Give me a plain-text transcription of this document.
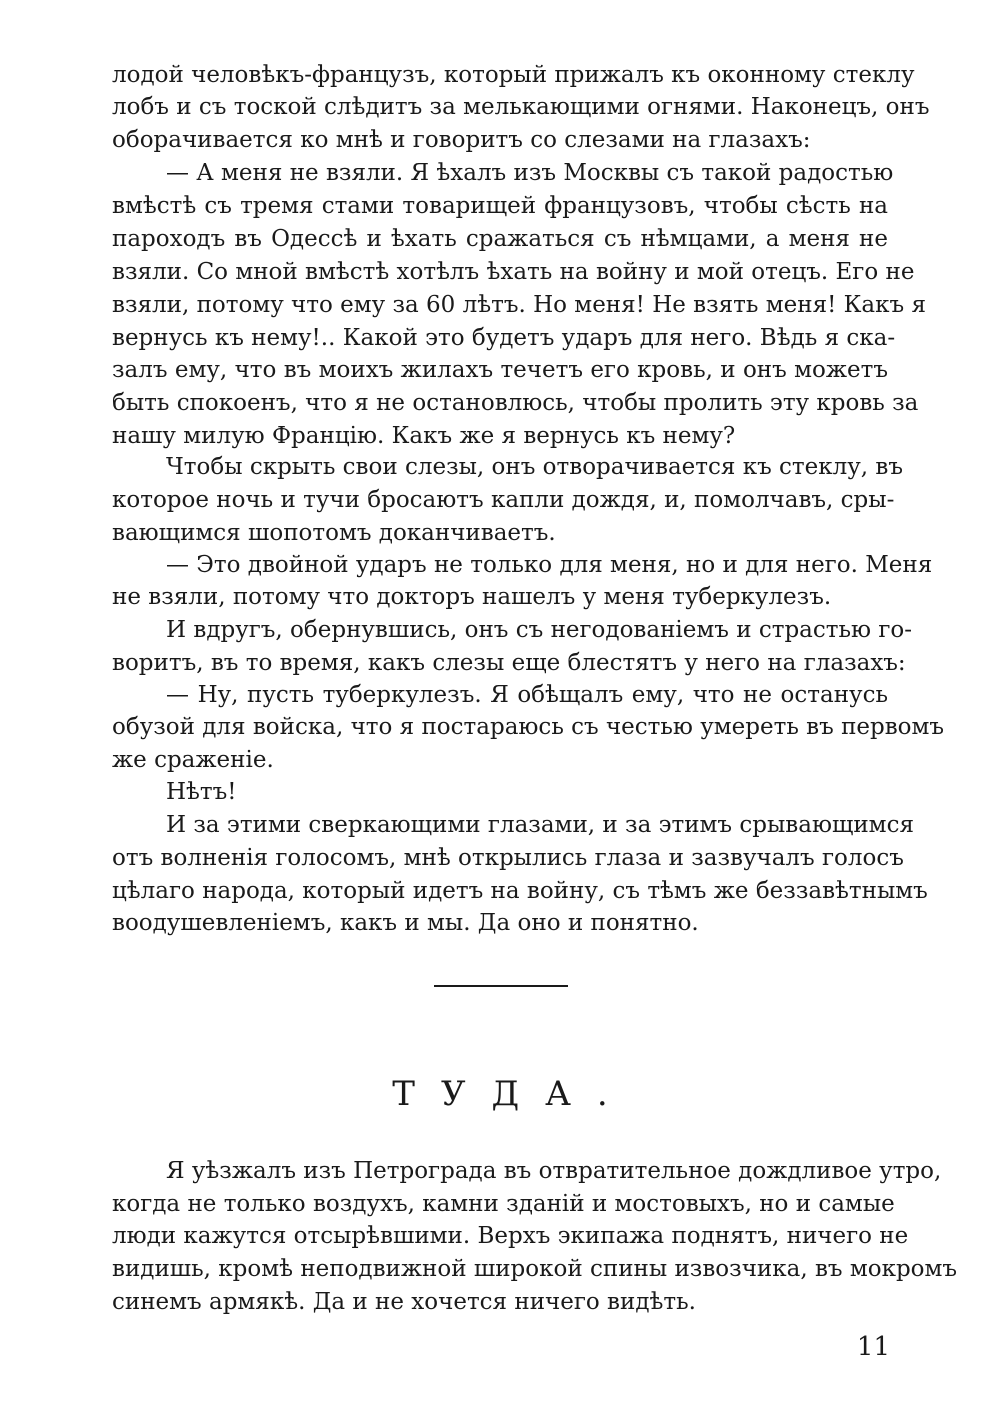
лодой человѣкъ-французъ, который прижалъ къ оконному стеклу
лобъ и съ тоской слѣдитъ за мелькающими огнями. Наконецъ, онъ
оборачивается ко мнѣ и говоритъ со слезами на глазахъ:
— А меня не взяли. Я ѣхалъ изъ Москвы съ такой радостью
вмѣстѣ съ тремя стами товарищей французовъ, чтобы сѣсть на
пароходъ въ Одессѣ и ѣхать сражаться съ нѣмцами, а меня не
взяли. Со мной вмѣстѣ хотѣлъ ѣхать на войну и мой отецъ. Его не
взяли, потому что ему за 60 лѣтъ. Но меня! Не взять меня! Какъ я
вернусь къ нему!.. Какой это будетъ ударъ для него. Вѣдь я ска-
залъ ему, что въ моихъ жилахъ течетъ его кровь, и онъ можетъ
быть спокоенъ, что я не остановлюсь, чтобы пролить эту кровь за
нашу милую Францію. Какъ же я вернусь къ нему?
Чтобы скрыть свои слезы, онъ отворачивается къ стеклу, въ
которое ночь и тучи бросаютъ капли дождя, и, помолчавъ, сры-
вающимся шопотомъ доканчиваетъ.
— Это двойной ударъ не только для меня, но и для него. Меня
не взяли, потому что докторъ нашелъ у меня туберкулезъ.
И вдругъ, обернувшись, онъ съ негодованіемъ и страстью го-
воритъ, въ то время, какъ слезы еще блестятъ у него на глазахъ:
— Ну, пусть туберкулезъ. Я обѣщалъ ему, что не останусь
обузой для войска, что я постараюсь съ честью умереть въ первомъ
же сраженіе.
Нѣтъ!
И за этими сверкающими глазами, и за этимъ срывающимся
отъ волненія голосомъ, мнѣ открылись глаза и зазвучалъ голосъ
цѣлаго народа, который идетъ на войну, съ тѣмъ же беззавѣтнымъ
воодушевленіемъ, какъ и мы. Да оно и понятно.
ТУДА.
Я уѣзжалъ изъ Петрограда въ отвратительное дождливое утро,
когда не только воздухъ, камни зданій и мостовыхъ, но и самые
люди кажутся отсырѣвшими. Верхъ экипажа поднятъ, ничего не
видишь, кромѣ неподвижной широкой спины извозчика, въ мокромъ
синемъ армякѣ. Да и не хочется ничего видѣть.
11
